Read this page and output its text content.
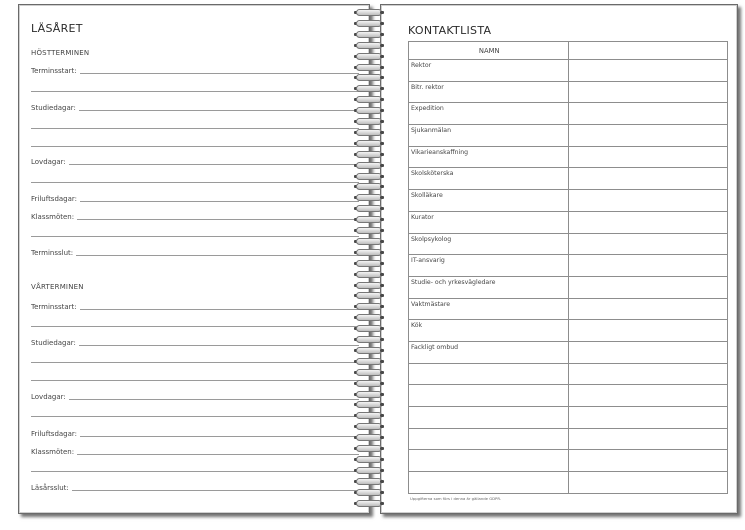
LÄSÅRET
HÖSTTERMINEN
Terminsstart:
Studiedagar:
Lovdagar:
Friluftsdagar:
Klassmöten:
Terminsslut:
VÅRTERMINEN
Terminsstart:
Studiedagar:
Lovdagar:
Friluftsdagar:
Klassmöten:
Läsårsslut:
KONTAKTLISTA
NAMN	

Rektor	

Bitr. rektor	

Expedition	

Sjukanmälan	

Vikarieanskaffning	

Skolsköterska	

Skolläkare	

Kurator	

Skolpsykolog	

IT-ansvarig	

Studie- och yrkesvägledare	

Vaktmästare	

Kök	

Fackligt ombud	

Uppgifterna som förs i denna är gällande GDPR.
